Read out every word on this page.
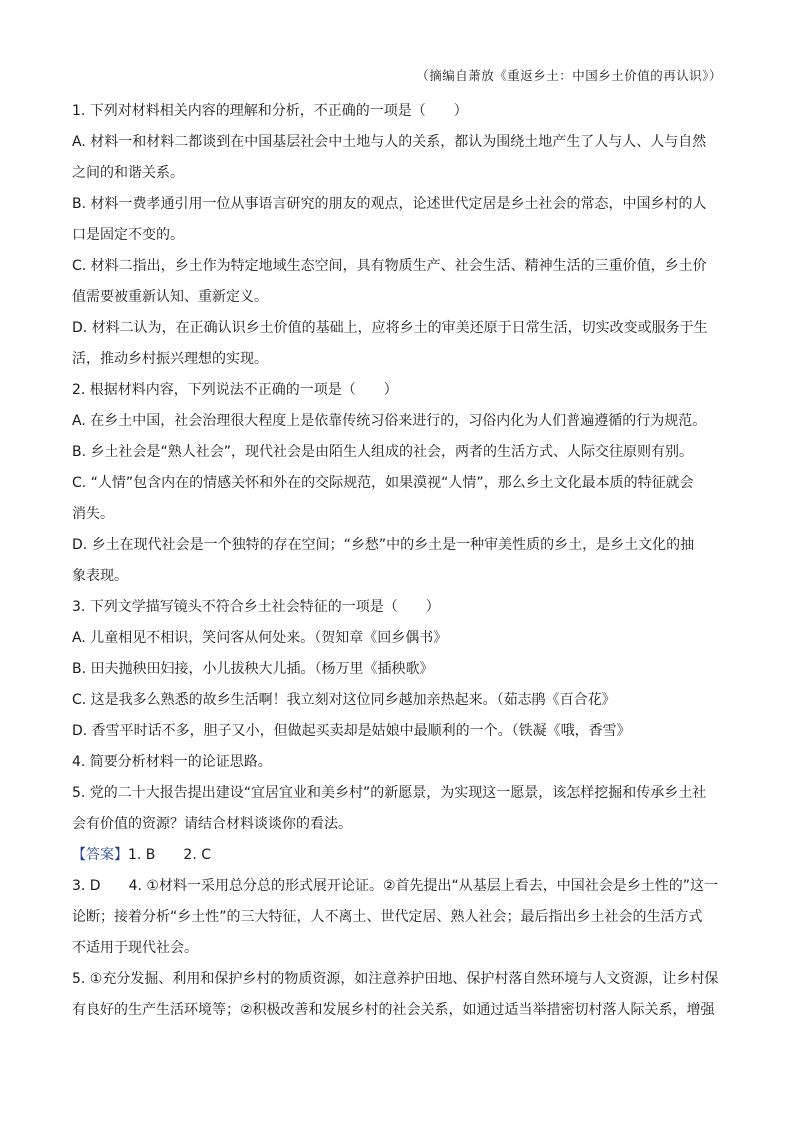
（摘编自萧放《重返乡土：中国乡土价值的再认识》）

1. 下列对材料相关内容的理解和分析，不正确的一项是（　　）

A. 材料一和材料二都谈到在中国基层社会中土地与人的关系，都认为围绕土地产生了人与人、人与自然

之间的和谐关系。

B. 材料一费孝通引用一位从事语言研究的朋友的观点，论述世代定居是乡土社会的常态，中国乡村的人

口是固定不变的。

C. 材料二指出，乡土作为特定地域生态空间，具有物质生产、社会生活、精神生活的三重价值，乡土价

值需要被重新认知、重新定义。

D. 材料二认为，在正确认识乡土价值的基础上，应将乡土的审美还原于日常生活，切实改变或服务于生

活，推动乡村振兴理想的实现。

2. 根据材料内容，下列说法不正确的一项是（　　）

A. 在乡土中国，社会治理很大程度上是依靠传统习俗来进行的，习俗内化为人们普遍遵循的行为规范。

B. 乡土社会是“熟人社会”，现代社会是由陌生人组成的社会，两者的生活方式、人际交往原则有别。

C. “人情”包含内在的情感关怀和外在的交际规范，如果漠视“人情”，那么乡土文化最本质的特征就会

消失。

D. 乡土在现代社会是一个独特的存在空间；“乡愁”中的乡土是一种审美性质的乡土，是乡土文化的抽

象表现。

3. 下列文学描写镜头不符合乡土社会特征的一项是（　　）

A. 儿童相见不相识，笑问客从何处来。（贺知章《回乡偶书》

B. 田夫抛秧田妇接，小儿拔秧大儿插。（杨万里《插秧歌》

C. 这是我多么熟悉的故乡生活啊！我立刻对这位同乡越加亲热起来。（茹志鹃《百合花》

D. 香雪平时话不多，胆子又小，但做起买卖却是姑娘中最顺利的一个。（铁凝《哦，香雪》

4. 简要分析材料一的论证思路。

5. 党的二十大报告提出建设“宜居宜业和美乡村”的新愿景，为实现这一愿景，该怎样挖掘和传承乡土社

会有价值的资源？请结合材料谈谈你的看法。

【答案】1. B　　2. C

3. D　　4. ①材料一采用总分总的形式展开论证。②首先提出“从基层上看去，中国社会是乡土性的”这一

论断；接着分析“乡土性”的三大特征，人不离土、世代定居、熟人社会；最后指出乡土社会的生活方式

不适用于现代社会。

5. ①充分发掘、利用和保护乡村的物质资源，如注意养护田地、保护村落自然环境与人文资源，让乡村保

有良好的生产生活环境等；②积极改善和发展乡村的社会关系，如通过适当举措密切村落人际关系，增强
